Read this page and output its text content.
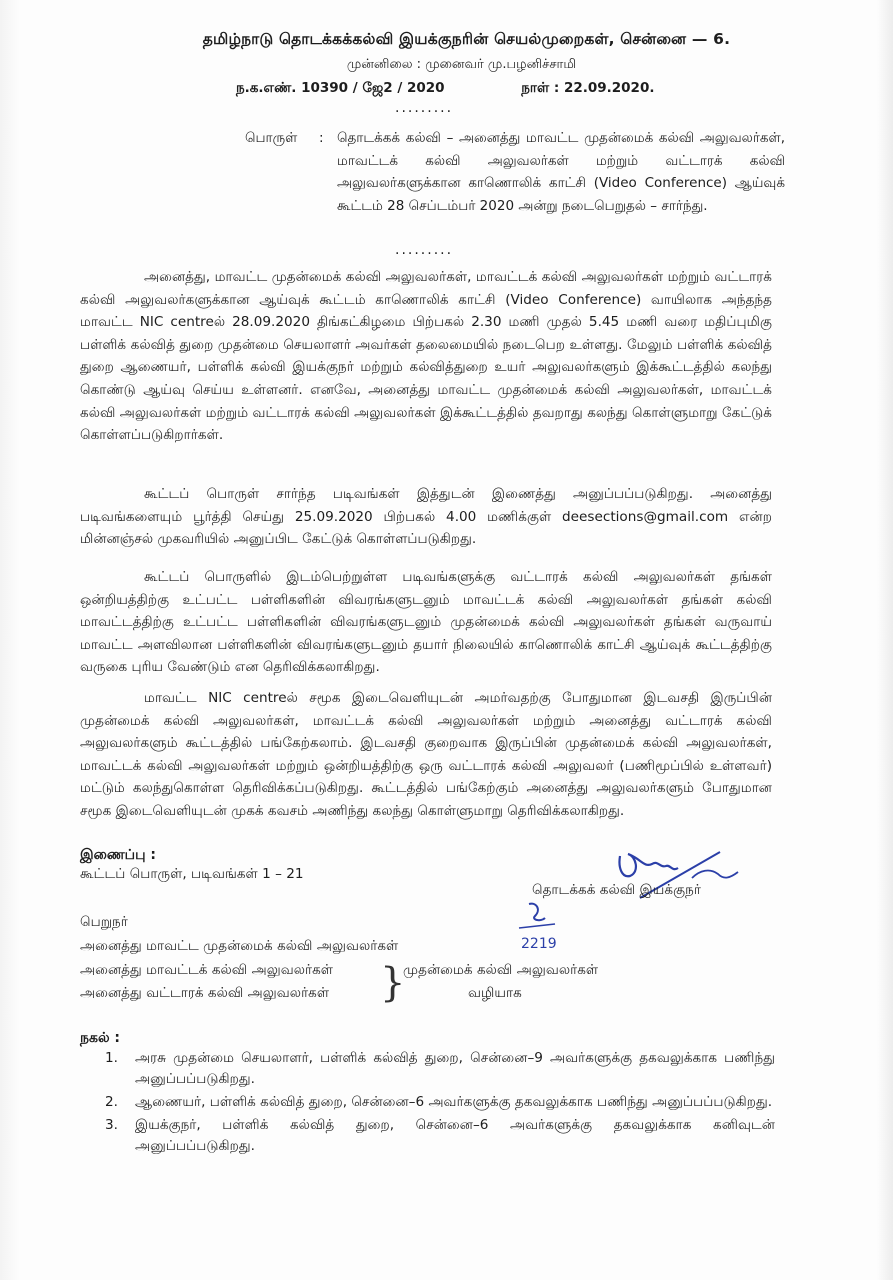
தமிழ்நாடு தொடக்கக்கல்வி இயக்குநரின் செயல்முறைகள், சென்னை — 6.
முன்னிலை : முனைவர் மு.பழனிச்சாமி
ந.க.எண். 10390 / ஜே2 / 2020	நாள் : 22.09.2020.
.........
பொருள் : தொடக்கக் கல்வி – அனைத்து மாவட்ட முதன்மைக் கல்வி அலுவலர்கள், மாவட்டக் கல்வி அலுவலர்கள் மற்றும் வட்டாரக் கல்வி அலுவலர்களுக்கான காணொலிக் காட்சி (Video Conference) ஆய்வுக் கூட்டம் 28 செப்டம்பர் 2020 அன்று நடைபெறுதல் – சார்ந்து.
.........
அனைத்து, மாவட்ட முதன்மைக் கல்வி அலுவலர்கள், மாவட்டக் கல்வி அலுவலர்கள் மற்றும் வட்டாரக் கல்வி அலுவலர்களுக்கான ஆய்வுக் கூட்டம் காணொலிக் காட்சி (Video Conference) வாயிலாக அந்தந்த மாவட்ட NIC centreல் 28.09.2020 திங்கட்கிழமை பிற்பகல் 2.30 மணி முதல் 5.45 மணி வரை மதிப்புமிகு பள்ளிக் கல்வித் துறை முதன்மை செயலாளர் அவர்கள் தலைமையில் நடைபெற உள்ளது. மேலும் பள்ளிக் கல்வித் துறை ஆணையர், பள்ளிக் கல்வி இயக்குநர் மற்றும் கல்வித்துறை உயர் அலுவலர்களும் இக்கூட்டத்தில் கலந்து கொண்டு ஆய்வு செய்ய உள்ளனர். எனவே, அனைத்து மாவட்ட முதன்மைக் கல்வி அலுவலர்கள், மாவட்டக் கல்வி அலுவலர்கள் மற்றும் வட்டாரக் கல்வி அலுவலர்கள் இக்கூட்டத்தில் தவறாது கலந்து கொள்ளுமாறு கேட்டுக் கொள்ளப்படுகிறார்கள்.
கூட்டப் பொருள் சார்ந்த படிவங்கள் இத்துடன் இணைத்து அனுப்பப்படுகிறது. அனைத்து படிவங்களையும் பூர்த்தி செய்து 25.09.2020 பிற்பகல் 4.00 மணிக்குள் deesections@gmail.com என்ற மின்னஞ்சல் முகவரியில் அனுப்பிட கேட்டுக் கொள்ளப்படுகிறது.
கூட்டப் பொருளில் இடம்பெற்றுள்ள படிவங்களுக்கு வட்டாரக் கல்வி அலுவலர்கள் தங்கள் ஒன்றியத்திற்கு உட்பட்ட பள்ளிகளின் விவரங்களுடனும் மாவட்டக் கல்வி அலுவலர்கள் தங்கள் கல்வி மாவட்டத்திற்கு உட்பட்ட பள்ளிகளின் விவரங்களுடனும் முதன்மைக் கல்வி அலுவலர்கள் தங்கள் வருவாய் மாவட்ட அளவிலான பள்ளிகளின் விவரங்களுடனும் தயார் நிலையில் காணொலிக் காட்சி ஆய்வுக் கூட்டத்திற்கு வருகை புரிய வேண்டும் என தெரிவிக்கலாகிறது.
மாவட்ட NIC centreல் சமூக இடைவெளியுடன் அமர்வதற்கு போதுமான இடவசதி இருப்பின் முதன்மைக் கல்வி அலுவலர்கள், மாவட்டக் கல்வி அலுவலர்கள் மற்றும் அனைத்து வட்டாரக் கல்வி அலுவலர்களும் கூட்டத்தில் பங்கேற்கலாம். இடவசதி குறைவாக இருப்பின் முதன்மைக் கல்வி அலுவலர்கள், மாவட்டக் கல்வி அலுவலர்கள் மற்றும் ஒன்றியத்திற்கு ஒரு வட்டாரக் கல்வி அலுவலர் (பணிமூப்பில் உள்ளவர்) மட்டும் கலந்துகொள்ள தெரிவிக்கப்படுகிறது. கூட்டத்தில் பங்கேற்கும் அனைத்து அலுவலர்களும் போதுமான சமூக இடைவெளியுடன் முகக் கவசம் அணிந்து கலந்து கொள்ளுமாறு தெரிவிக்கலாகிறது.
இணைப்பு :
கூட்டப் பொருள், படிவங்கள் 1 – 21
தொடக்கக் கல்வி இயக்குநர்
2219
பெறுநர்
அனைத்து மாவட்ட முதன்மைக் கல்வி அலுவலர்கள்
அனைத்து மாவட்டக் கல்வி அலுவலர்கள்
அனைத்து வட்டாரக் கல்வி அலுவலர்கள் }
முதன்மைக் கல்வி அலுவலர்கள்
வழியாக
நகல் :
1. அரசு முதன்மை செயலாளர், பள்ளிக் கல்வித் துறை, சென்னை–9 அவர்களுக்கு தகவலுக்காக பணிந்து அனுப்பப்படுகிறது.
2. ஆணையர், பள்ளிக் கல்வித் துறை, சென்னை–6 அவர்களுக்கு தகவலுக்காக பணிந்து அனுப்பப்படுகிறது.
3. இயக்குநர், பள்ளிக் கல்வித் துறை, சென்னை–6 அவர்களுக்கு தகவலுக்காக கனிவுடன் அனுப்பப்படுகிறது.
